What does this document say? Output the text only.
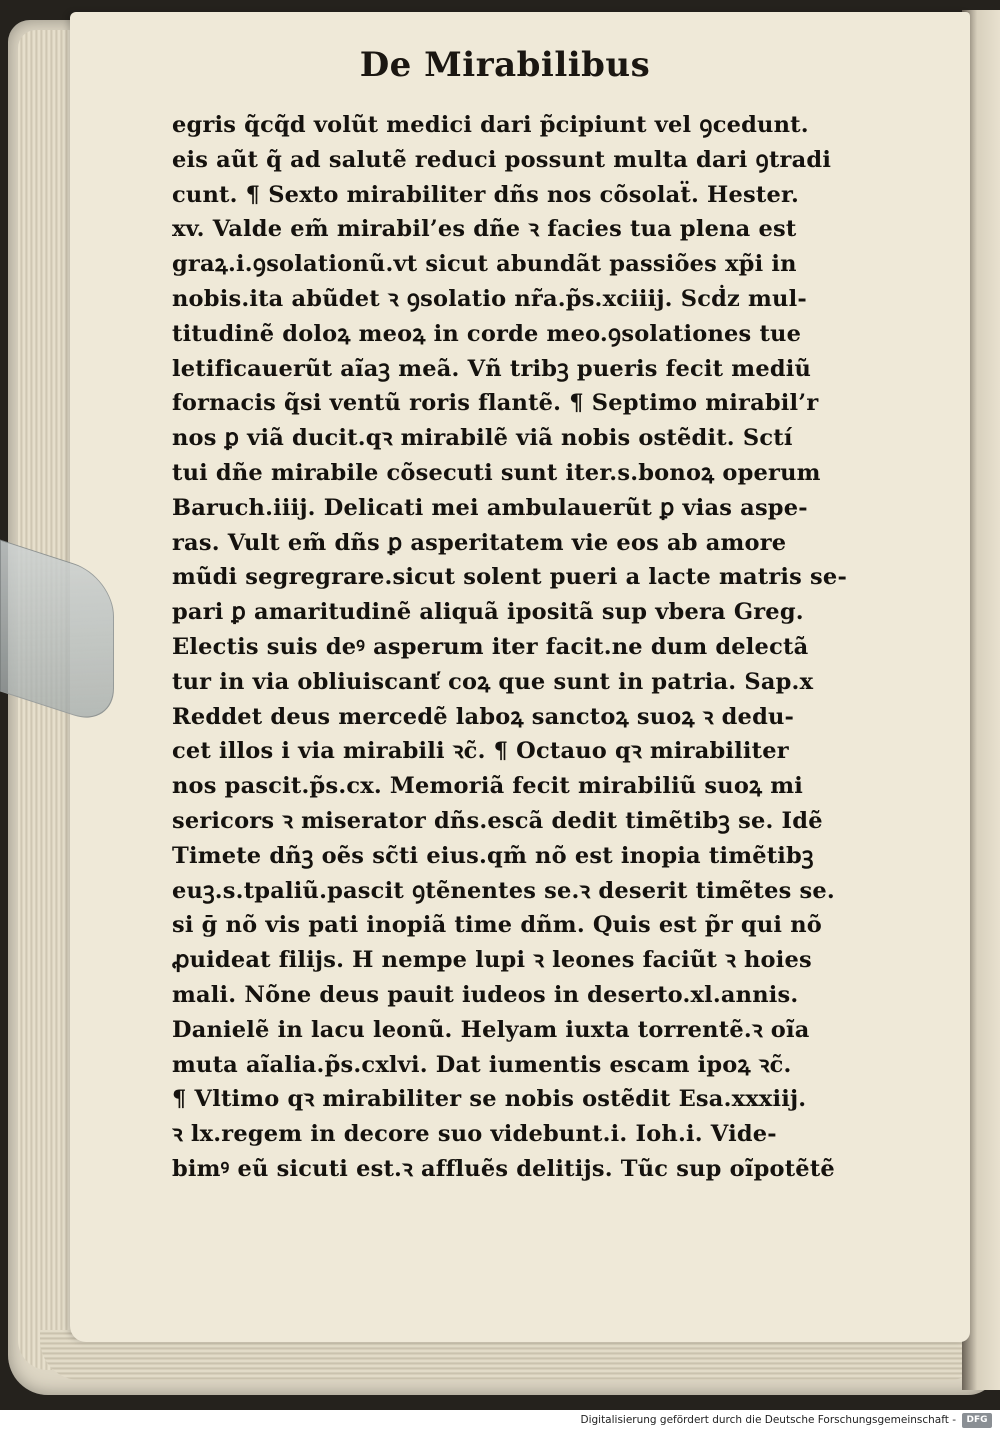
De Mirabilibus
egris q̃cq̃d volũt medici dari p̃cipiunt vel ꝯcedunt.
eis aũt q̃ ad salutẽ reduci possunt multa dari ꝯtradi
cunt. ¶ Sexto mirabiliter dñs nos cõsolaẗ. Hester.
xv. Valde em̃ mirabil’es dñe ꝛ facies tua plena est
graꝝ.i.ꝯsolationũ.vt sicut abundãt passiões xp̃i in
nobis.ita abũdet ꝛ ꝯsolatio nr̃a.p̃s.xciiij. Scḋz mul-
titudinẽ doloꝝ meoꝝ in corde meo.ꝯsolationes tue
letificauerũt aĩaꝫ meã. Vñ tribꝫ pueris fecit mediũ
fornacis q̃si ventũ roris flantẽ. ¶ Septimo mirabil’r
nos ꝑ viã ducit.qꝛ mirabilẽ viã nobis ostẽdit. Sctí
tui dñe mirabile cõsecuti sunt iter.s.bonoꝝ operum
Baruch.iiij. Delicati mei ambulauerũt ꝑ vias aspe-
ras. Vult em̃ dñs ꝑ asperitatem vie eos ab amore
mũdi segregrare.sicut solent pueri a lacte matris se-
pari ꝑ amaritudinẽ aliquã ipositã sup vbera Greg.
Electis suis deꝰ asperum iter facit.ne dum delectã
tur in via obliuiscanť coꝝ que sunt in patria. Sap.x
Reddet deus mercedẽ laboꝝ sanctoꝝ suoꝝ ꝛ dedu-
cet illos i via mirabili ꝛc̃. ¶ Octauo qꝛ mirabiliter
nos pascit.p̃s.cx. Memoriã fecit mirabiliũ suoꝝ mi
sericors ꝛ miserator dñs.escã dedit timẽtibꝫ se. Idẽ
Timete dñꝫ oẽs sc̃ti eius.qm̃ nõ est inopia timẽtibꝫ
euꝫ.s.tpaliũ.pascit ꝯtẽnentes se.ꝛ deserit timẽtes se.
si ḡ nõ vis pati inopiã time dñm. Quis est p̃r qui nõ
ꝓuideat filijs. H nempe lupi ꝛ leones faciũt ꝛ hoies
mali. Nõne deus pauit iudeos in deserto.xl.annis.
Danielẽ in lacu leonũ. Helyam iuxta torrentẽ.ꝛ oĩa
muta aĩalia.p̃s.cxlvi. Dat iumentis escam ipoꝝ ꝛc̃.
¶ Vltimo qꝛ mirabiliter se nobis ostẽdit Esa.xxxiij.
ꝛ lx.regem in decore suo videbunt.i. Ioh.i. Vide-
bimꝰ eũ sicuti est.ꝛ affluẽs delitijs. Tũc sup oĩpotẽtẽ
Digitalisierung gefördert durch die Deutsche Forschungsgemeinschaft -	DFG
